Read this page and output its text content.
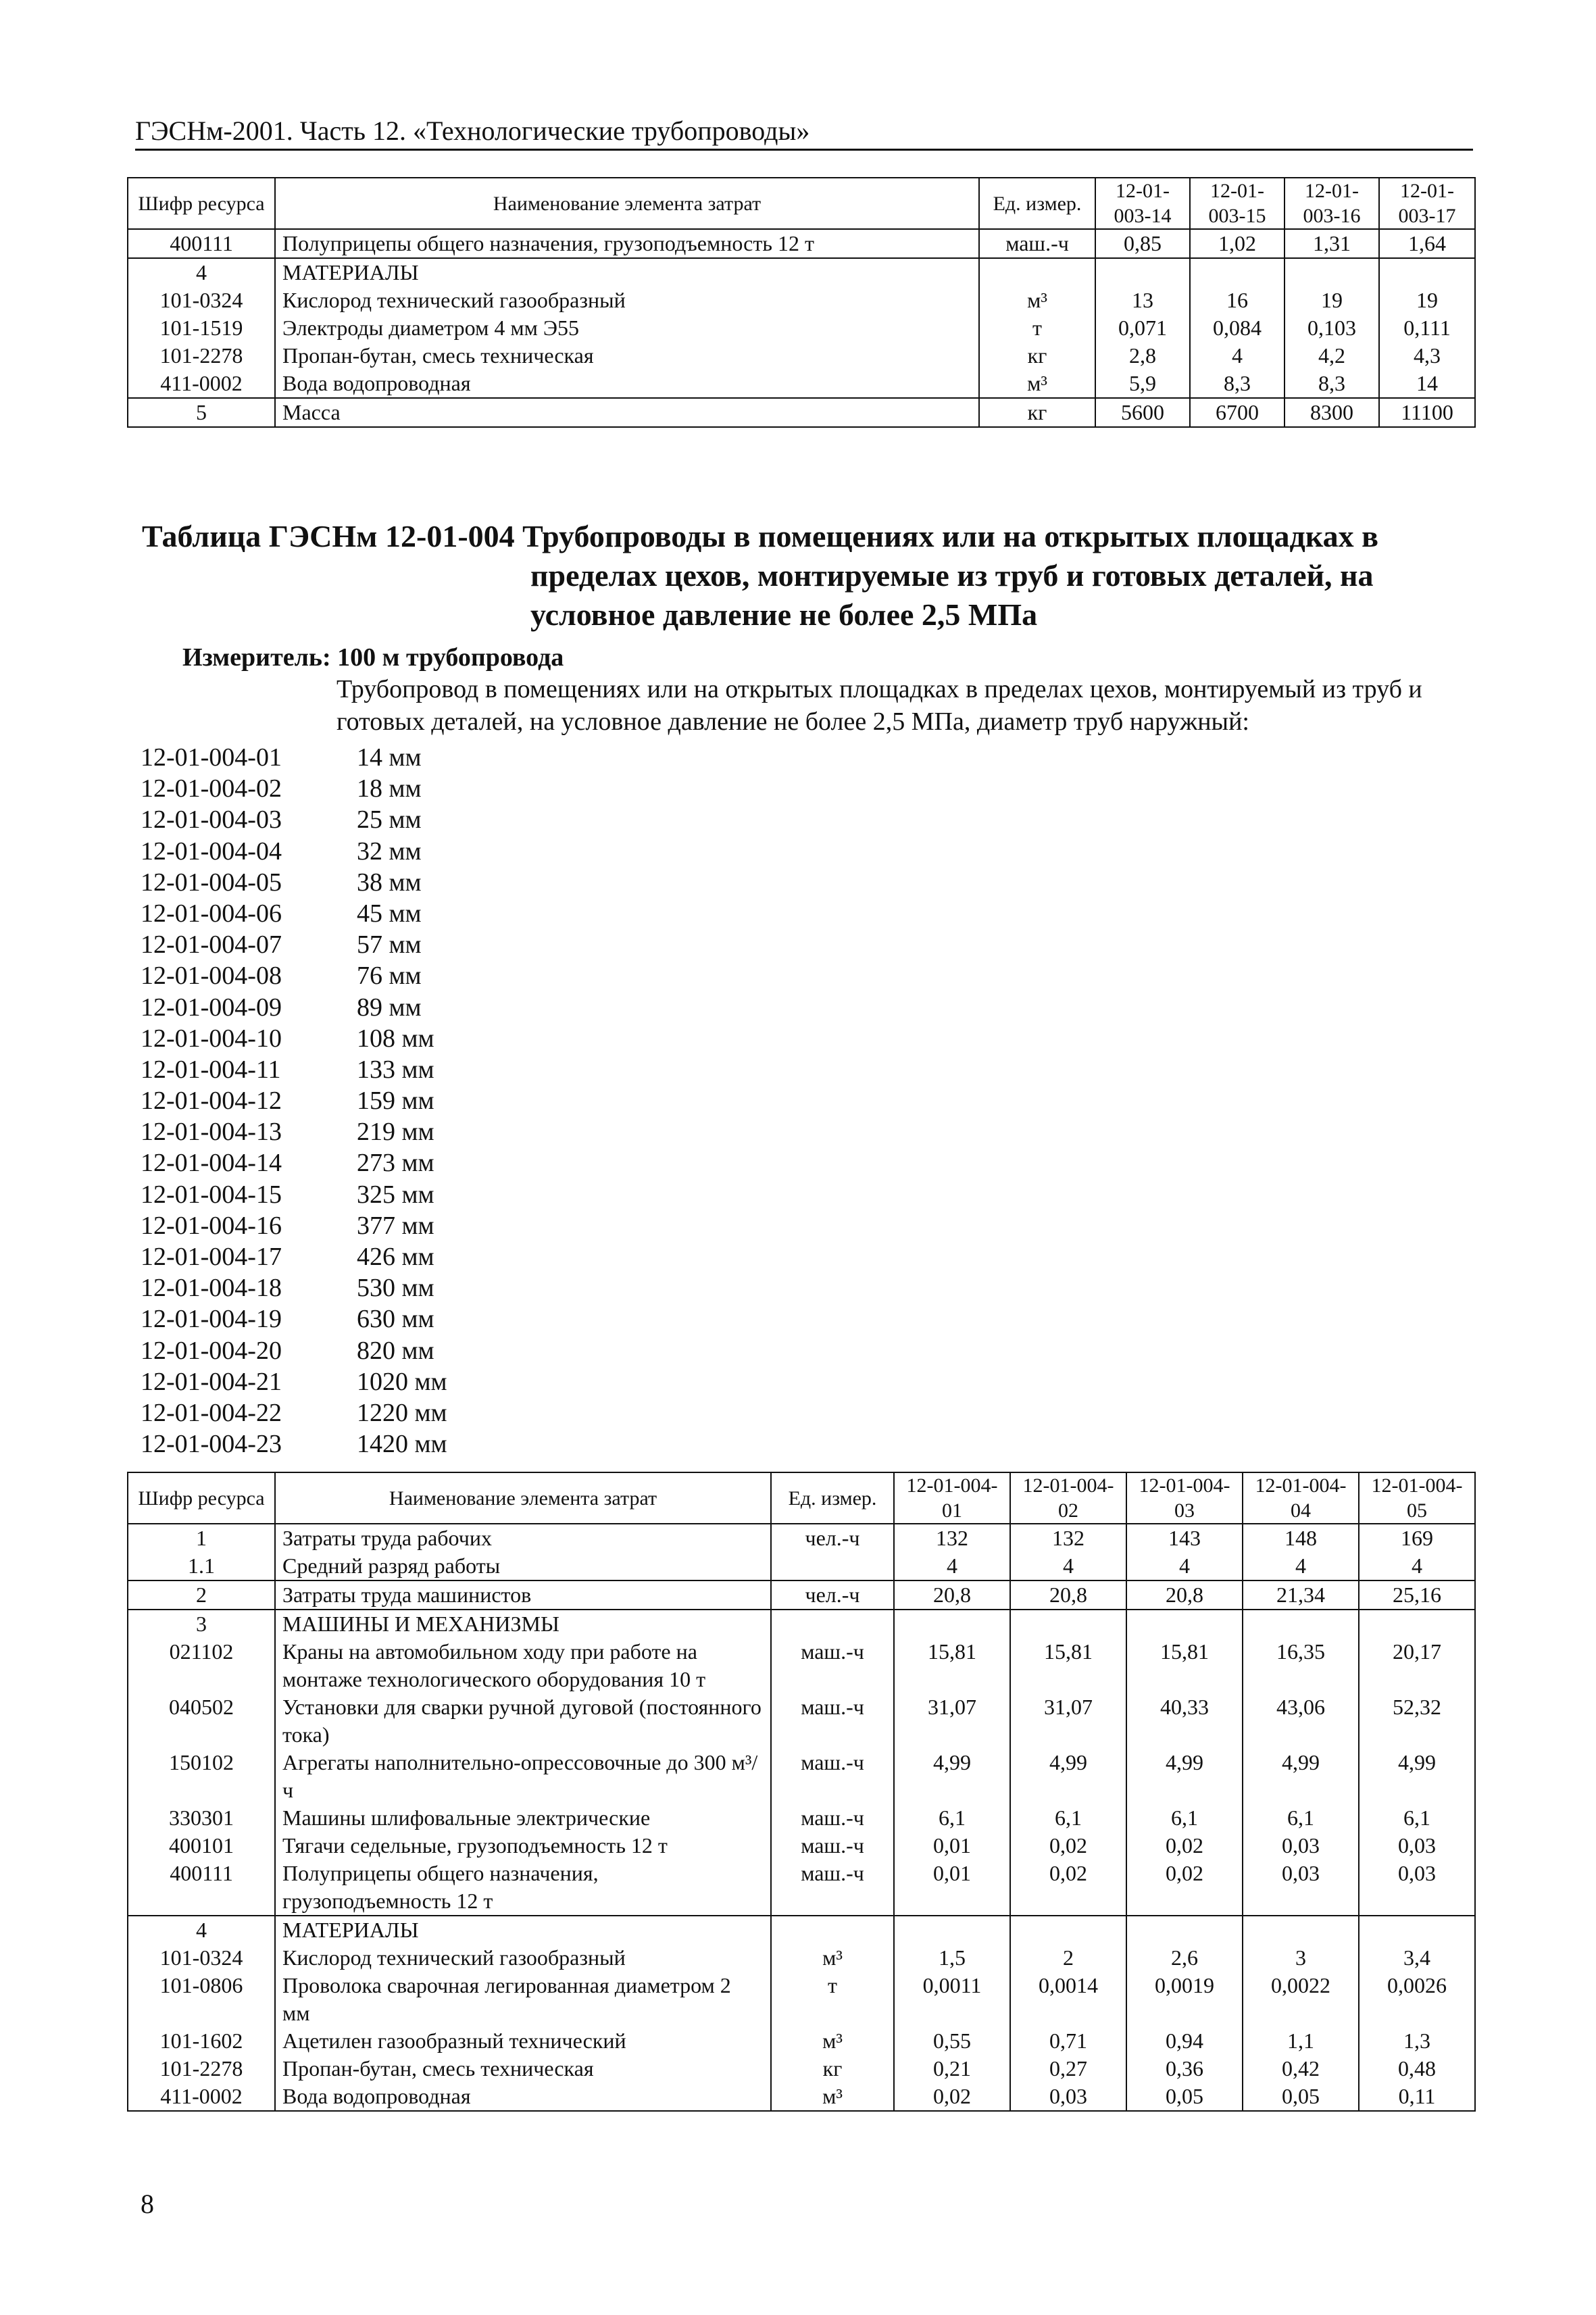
ГЭСНм-2001. Часть 12. «Технологические трубопроводы»
Шифр ресурса	Наименование элемента затрат	Ед. измер.	12-01-003-14	12-01-003-15	12-01-003-16	12-01-003-17
400111	Полуприцепы общего назначения, грузоподъемность 12 т	маш.-ч	0,85	1,02	1,31	1,64
4	МАТЕРИАЛЫ					
101-0324	Кислород технический газообразный	м³	13	16	19	19
101-1519	Электроды диаметром 4 мм Э55	т	0,071	0,084	0,103	0,111
101-2278	Пропан-бутан, смесь техническая	кг	2,8	4	4,2	4,3
411-0002	Вода водопроводная	м³	5,9	8,3	8,3	14
5	Масса	кг	5600	6700	8300	11100
Таблица ГЭСНм 12-01-004 Трубопроводы в помещениях или на открытых площадках в
пределах цехов, монтируемые из труб и готовых деталей, на
условное давление не более 2,5 МПа
Измеритель: 100 м трубопровода
Трубопровод в помещениях или на открытых площадках в пределах цехов, монтируемый из труб и готовых деталей, на условное давление не более 2,5 МПа, диаметр труб наружный:
12-01-004-01	14 мм
12-01-004-02	18 мм
12-01-004-03	25 мм
12-01-004-04	32 мм
12-01-004-05	38 мм
12-01-004-06	45 мм
12-01-004-07	57 мм
12-01-004-08	76 мм
12-01-004-09	89 мм
12-01-004-10	108 мм
12-01-004-11	133 мм
12-01-004-12	159 мм
12-01-004-13	219 мм
12-01-004-14	273 мм
12-01-004-15	325 мм
12-01-004-16	377 мм
12-01-004-17	426 мм
12-01-004-18	530 мм
12-01-004-19	630 мм
12-01-004-20	820 мм
12-01-004-21	1020 мм
12-01-004-22	1220 мм
12-01-004-23	1420 мм
Шифр ресурса	Наименование элемента затрат	Ед. измер.	12-01-004-01	12-01-004-02	12-01-004-03	12-01-004-04	12-01-004-05
1	Затраты труда рабочих	чел.-ч	132	132	143	148	169
1.1	Средний разряд работы		4	4	4	4	4
2	Затраты труда машинистов	чел.-ч	20,8	20,8	20,8	21,34	25,16
3	МАШИНЫ И МЕХАНИЗМЫ						
021102	Краны на автомобильном ходу при работе на монтаже технологического оборудования 10 т	маш.-ч	15,81	15,81	15,81	16,35	20,17
040502	Установки для сварки ручной дуговой (постоянного тока)	маш.-ч	31,07	31,07	40,33	43,06	52,32
150102	Агрегаты наполнительно-опрессовочные до 300 м³/ч	маш.-ч	4,99	4,99	4,99	4,99	4,99
330301	Машины шлифовальные электрические	маш.-ч	6,1	6,1	6,1	6,1	6,1
400101	Тягачи седельные, грузоподъемность 12 т	маш.-ч	0,01	0,02	0,02	0,03	0,03
400111	Полуприцепы общего назначения, грузоподъемность 12 т	маш.-ч	0,01	0,02	0,02	0,03	0,03
4	МАТЕРИАЛЫ						
101-0324	Кислород технический газообразный	м³	1,5	2	2,6	3	3,4
101-0806	Проволока сварочная легированная диаметром 2 мм	т	0,0011	0,0014	0,0019	0,0022	0,0026
101-1602	Ацетилен газообразный технический	м³	0,55	0,71	0,94	1,1	1,3
101-2278	Пропан-бутан, смесь техническая	кг	0,21	0,27	0,36	0,42	0,48
411-0002	Вода водопроводная	м³	0,02	0,03	0,05	0,05	0,11
8
